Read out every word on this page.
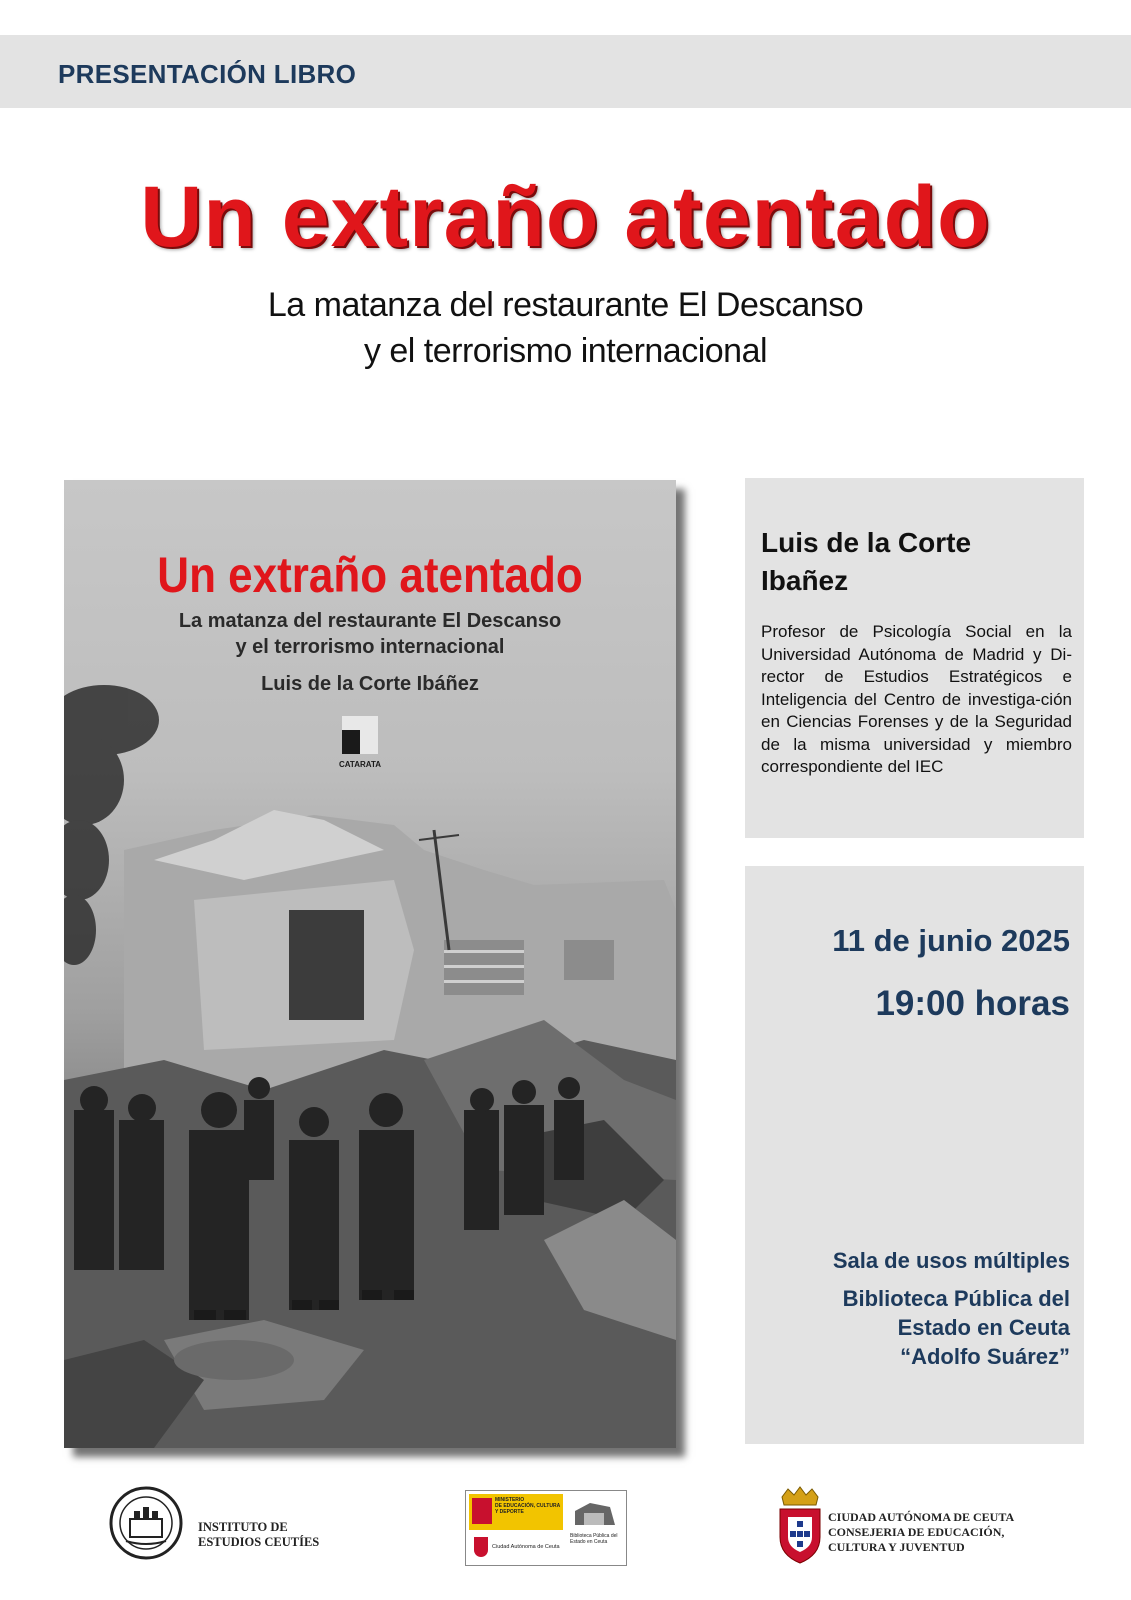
PRESENTACIÓN LIBRO
Un extraño atentado
La matanza del restaurante El Descanso
y el terrorismo internacional
Un extraño atentado
La matanza del restaurante El Descanso
y el terrorismo internacional
Luis de la Corte Ibáñez
CATARATA
Luis de la Corte
Ibañez
Profesor de Psicología Social en la Universidad Autónoma de Madrid y Di-rector de Estudios Estratégicos e Inteligencia del Centro de investiga-ción en Ciencias Forenses y de la Seguridad de la misma universidad y miembro correspondiente del IEC
11 de junio 2025
19:00 horas
Sala de usos múltiples
Biblioteca Pública del
Estado en Ceuta
“Adolfo Suárez”
INSTITUTO DE
ESTUDIOS CEUTÍES
MINISTERIO
DE EDUCACIÓN, CULTURA
Y DEPORTE
Ciudad Autónoma de Ceuta
Biblioteca Pública del Estado en Ceuta
CIUDAD AUTÓNOMA DE CEUTA
CONSEJERIA DE EDUCACIÓN,
CULTURA Y JUVENTUD
